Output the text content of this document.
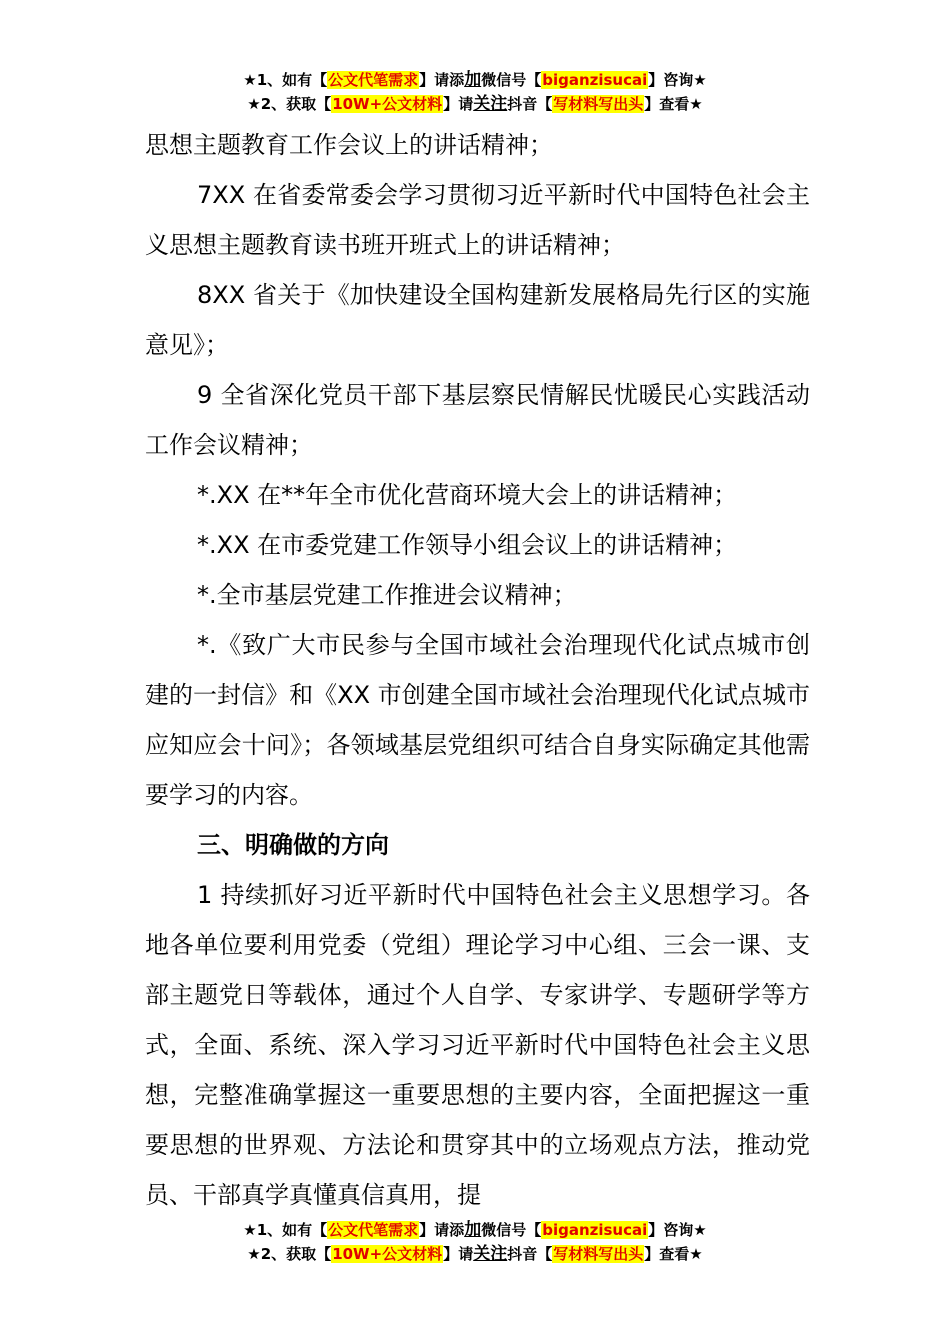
★1、如有【公文代笔需求】请添加微信号【biganzisucai】咨询★
★2、获取【10W+公文材料】请关注抖音【写材料写出头】查看★

思想主题教育工作会议上的讲话精神；

7XX 在省委常委会学习贯彻习近平新时代中国特色社会主义思想主题教育读书班开班式上的讲话精神；

8XX 省关于《加快建设全国构建新发展格局先行区的实施意见》；

9 全省深化党员干部下基层察民情解民忧暖民心实践活动工作会议精神；

*.XX 在**年全市优化营商环境大会上的讲话精神；

*.XX 在市委党建工作领导小组会议上的讲话精神；

*.全市基层党建工作推进会议精神；

*.《致广大市民参与全国市域社会治理现代化试点城市创建的一封信》和《XX 市创建全国市域社会治理现代化试点城市应知应会十问》；各领域基层党组织可结合自身实际确定其他需要学习的内容。

三、明确做的方向

1 持续抓好习近平新时代中国特色社会主义思想学习。各地各单位要利用党委（党组）理论学习中心组、三会一课、支部主题党日等载体，通过个人自学、专家讲学、专题研学等方式，全面、系统、深入学习习近平新时代中国特色社会主义思想，完整准确掌握这一重要思想的主要内容，全面把握这一重要思想的世界观、方法论和贯穿其中的立场观点方法，推动党员、干部真学真懂真信真用，提

★1、如有【公文代笔需求】请添加微信号【biganzisucai】咨询★
★2、获取【10W+公文材料】请关注抖音【写材料写出头】查看★
